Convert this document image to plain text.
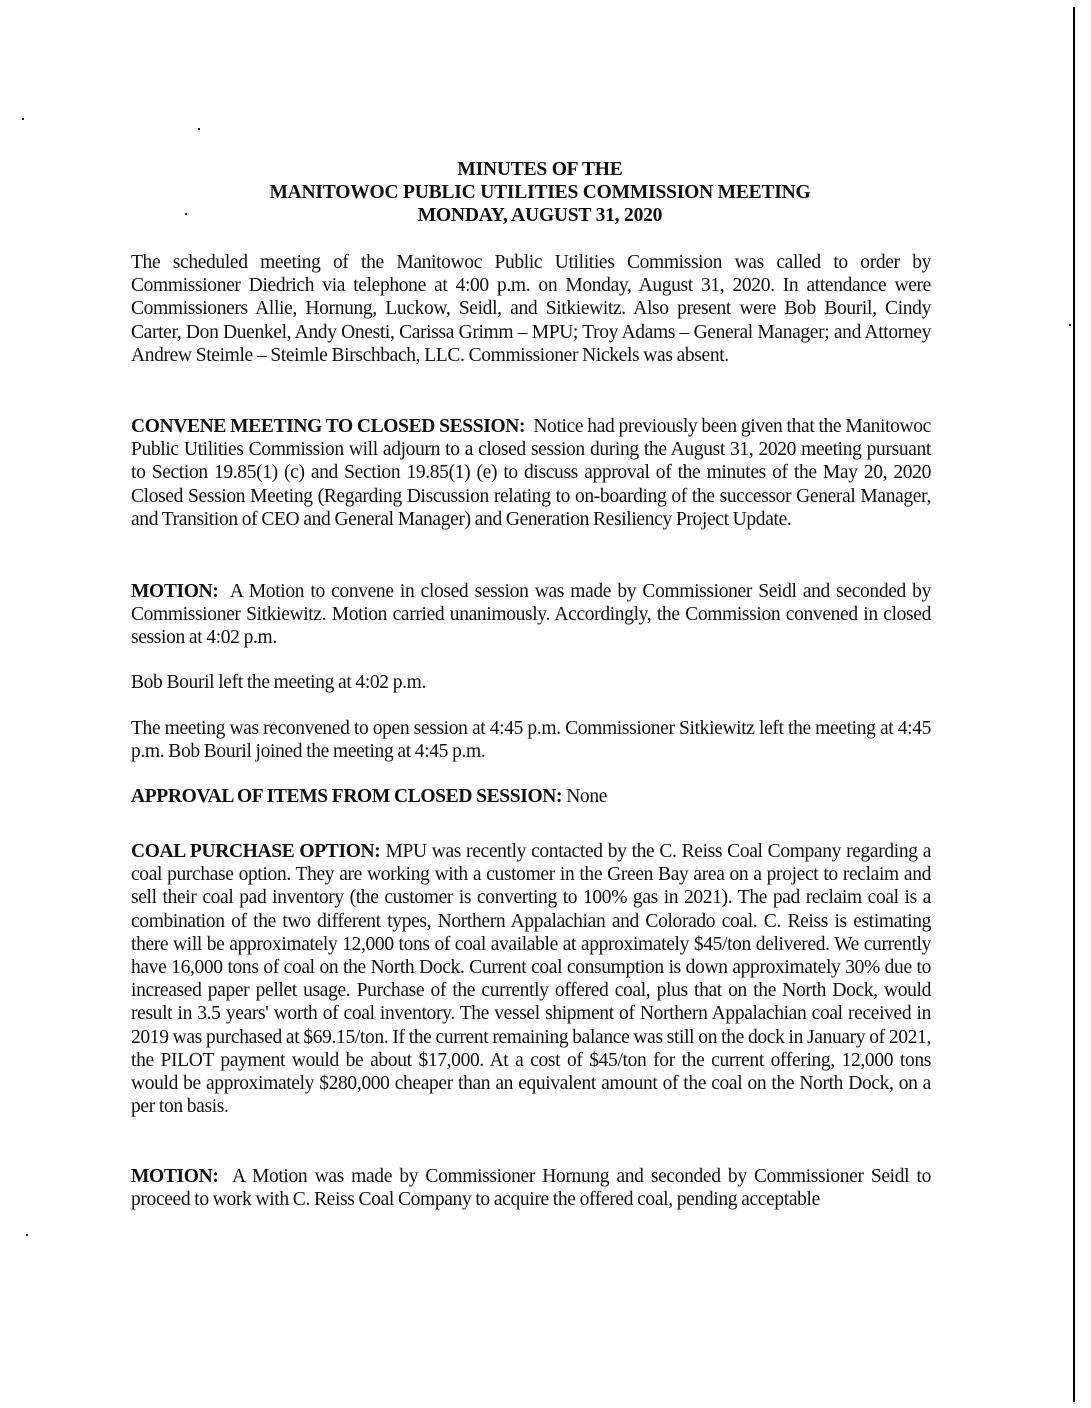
MINUTES OF THE
MANITOWOC PUBLIC UTILITIES COMMISSION MEETING
MONDAY, AUGUST 31, 2020

The scheduled meeting of the Manitowoc Public Utilities Commission was called to order by Commissioner Diedrich via telephone at 4:00 p.m. on Monday, August 31, 2020. In attendance were Commissioners Allie, Hornung, Luckow, Seidl, and Sitkiewitz. Also present were Bob Bouril, Cindy Carter, Don Duenkel, Andy Onesti, Carissa Grimm – MPU; Troy Adams – General Manager; and Attorney Andrew Steimle – Steimle Birschbach, LLC. Commissioner Nickels was absent.

CONVENE MEETING TO CLOSED SESSION: Notice had previously been given that the Manitowoc Public Utilities Commission will adjourn to a closed session during the August 31, 2020 meeting pursuant to Section 19.85(1) (c) and Section 19.85(1) (e) to discuss approval of the minutes of the May 20, 2020 Closed Session Meeting (Regarding Discussion relating to on-boarding of the successor General Manager, and Transition of CEO and General Manager) and Generation Resiliency Project Update.

MOTION: A Motion to convene in closed session was made by Commissioner Seidl and seconded by Commissioner Sitkiewitz. Motion carried unanimously. Accordingly, the Commission convened in closed session at 4:02 p.m.

Bob Bouril left the meeting at 4:02 p.m.

The meeting was reconvened to open session at 4:45 p.m. Commissioner Sitkiewitz left the meeting at 4:45 p.m. Bob Bouril joined the meeting at 4:45 p.m.

APPROVAL OF ITEMS FROM CLOSED SESSION: None

COAL PURCHASE OPTION: MPU was recently contacted by the C. Reiss Coal Company regarding a coal purchase option. They are working with a customer in the Green Bay area on a project to reclaim and sell their coal pad inventory (the customer is converting to 100% gas in 2021). The pad reclaim coal is a combination of the two different types, Northern Appalachian and Colorado coal. C. Reiss is estimating there will be approximately 12,000 tons of coal available at approximately $45/ton delivered. We currently have 16,000 tons of coal on the North Dock. Current coal consumption is down approximately 30% due to increased paper pellet usage. Purchase of the currently offered coal, plus that on the North Dock, would result in 3.5 years' worth of coal inventory. The vessel shipment of Northern Appalachian coal received in 2019 was purchased at $69.15/ton. If the current remaining balance was still on the dock in January of 2021, the PILOT payment would be about $17,000. At a cost of $45/ton for the current offering, 12,000 tons would be approximately $280,000 cheaper than an equivalent amount of the coal on the North Dock, on a per ton basis.

MOTION: A Motion was made by Commissioner Hornung and seconded by Commissioner Seidl to proceed to work with C. Reiss Coal Company to acquire the offered coal, pending acceptable
